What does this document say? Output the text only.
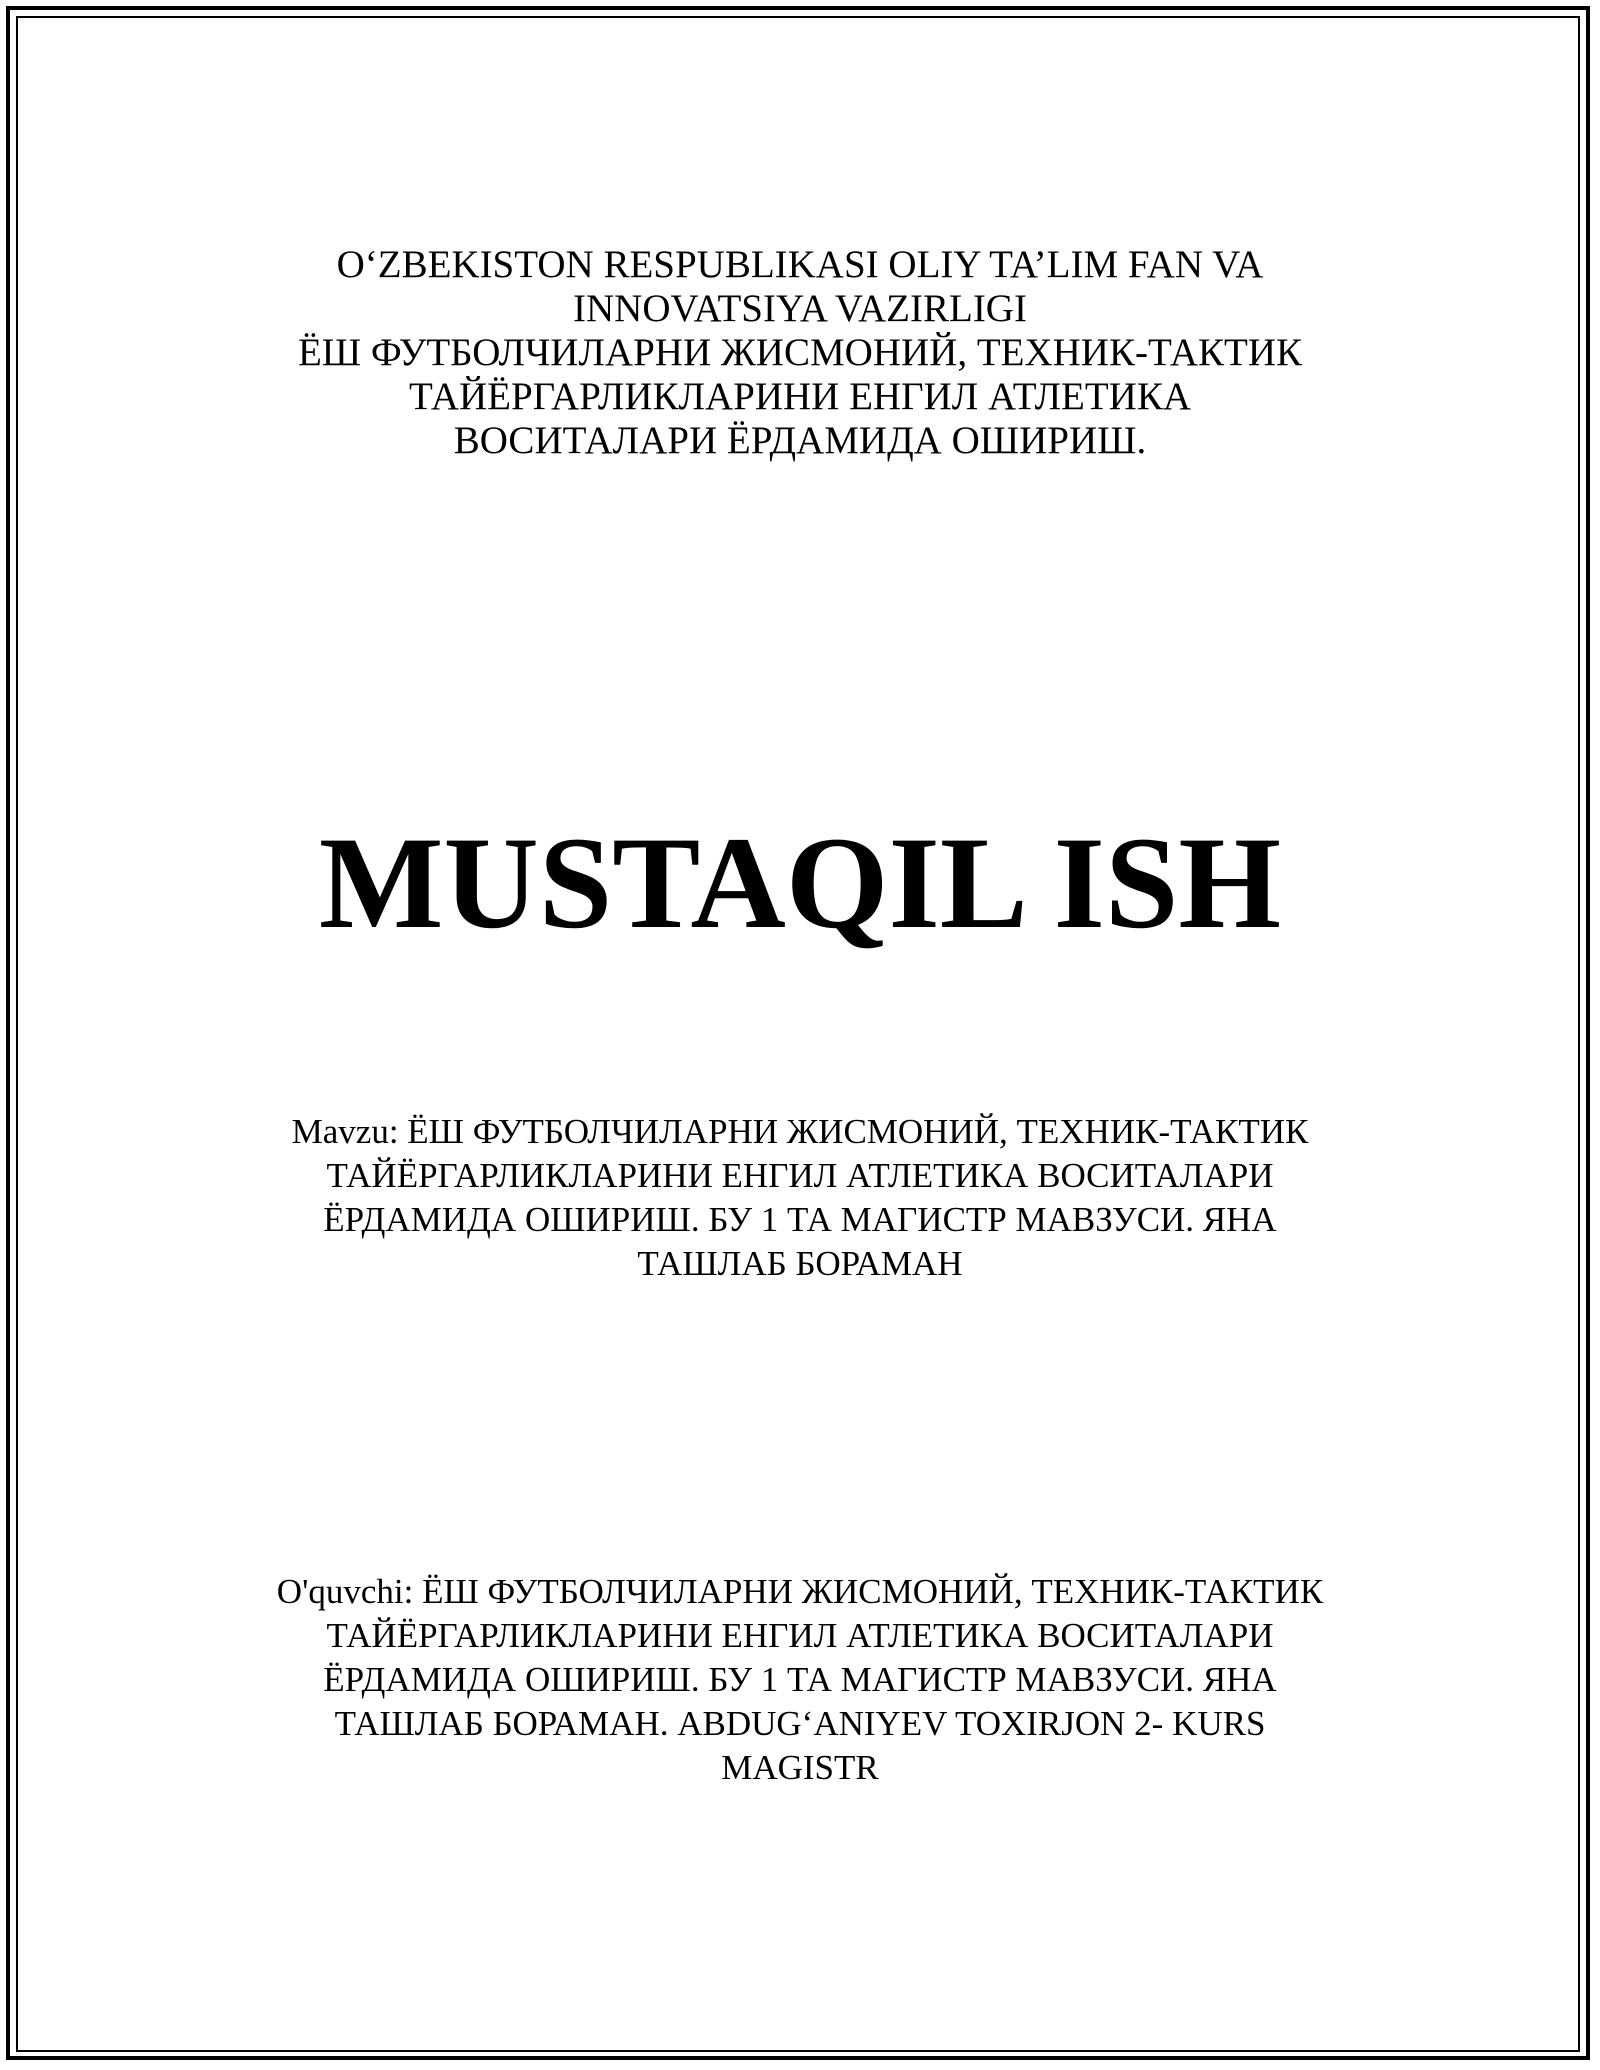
O‘ZBEKISTON RESPUBLIKASI OLIY TA’LIM FAN VA
INNOVATSIYA VAZIRLIGI
ЁШ ФУТБОЛЧИЛАРНИ ЖИСМОНИЙ, ТЕХНИК-ТАКТИК
ТАЙЁРГАРЛИКЛАРИНИ ЕНГИЛ АТЛЕТИКА
ВОСИТАЛАРИ ЁРДАМИДА ОШИРИШ.
MUSTAQIL ISH
Mavzu: ЁШ ФУТБОЛЧИЛАРНИ ЖИСМОНИЙ, ТЕХНИК-ТАКТИК
ТАЙЁРГАРЛИКЛАРИНИ ЕНГИЛ АТЛЕТИКА ВОСИТАЛАРИ
ЁРДАМИДА ОШИРИШ. БУ 1 ТА МАГИСТР МАВЗУСИ. ЯНА
ТАШЛАБ БОРАМАН
O'quvchi: ЁШ ФУТБОЛЧИЛАРНИ ЖИСМОНИЙ, ТЕХНИК-ТАКТИК
ТАЙЁРГАРЛИКЛАРИНИ ЕНГИЛ АТЛЕТИКА ВОСИТАЛАРИ
ЁРДАМИДА ОШИРИШ. БУ 1 ТА МАГИСТР МАВЗУСИ. ЯНА
ТАШЛАБ БОРАМАН. ABDUG‘ANIYEV TOXIRJON 2- KURS
MAGISTR
